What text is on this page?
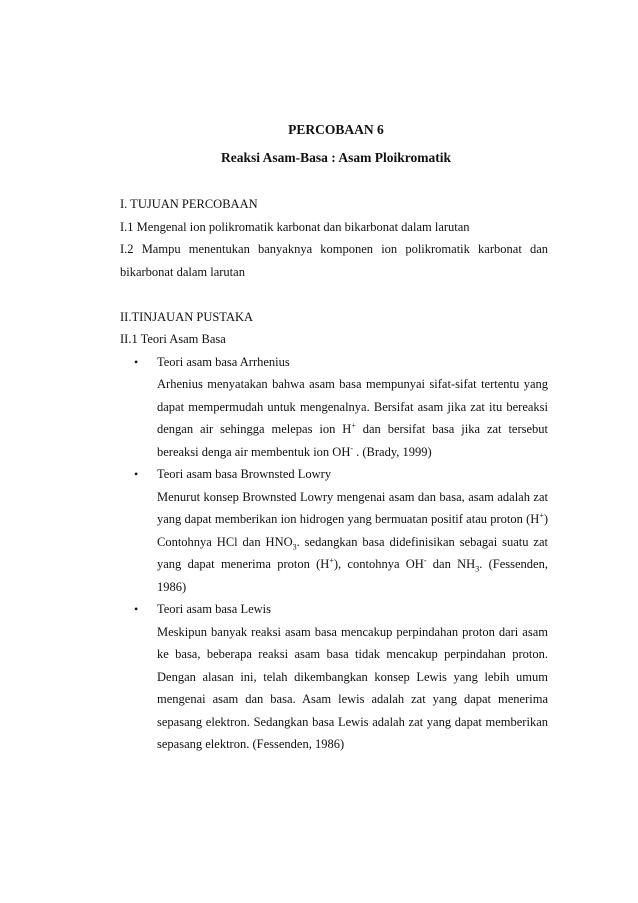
PERCOBAAN 6

Reaksi Asam-Basa : Asam Ploikromatik

I. TUJUAN PERCOBAAN

I.1 Mengenal ion polikromatik karbonat dan bikarbonat dalam larutan

I.2 Mampu menentukan banyaknya komponen ion polikromatik karbonat dan bikarbonat dalam larutan

II.TINJAUAN PUSTAKA

II.1 Teori Asam Basa

• Teori asam basa Arrhenius

Arhenius menyatakan bahwa asam basa mempunyai sifat-sifat tertentu yang dapat mempermudah untuk mengenalnya. Bersifat asam jika zat itu bereaksi dengan air sehingga melepas ion H+ dan bersifat basa jika zat tersebut bereaksi denga air membentuk ion OH- . (Brady, 1999)

• Teori asam basa Brownsted Lowry

Menurut konsep Brownsted Lowry mengenai asam dan basa, asam adalah zat yang dapat memberikan ion hidrogen yang bermuatan positif atau proton (H+) Contohnya HCl dan $HNO_3$. sedangkan basa didefinisikan sebagai suatu zat yang dapat menerima proton (H+), contohnya OH- dan $NH_3$. (Fessenden, 1986)

• Teori asam basa Lewis

Meskipun banyak reaksi asam basa mencakup perpindahan proton dari asam ke basa, beberapa reaksi asam basa tidak mencakup perpindahan proton. Dengan alasan ini, telah dikembangkan konsep Lewis yang lebih umum mengenai asam dan basa. Asam lewis adalah zat yang dapat menerima sepasang elektron. Sedangkan basa Lewis adalah zat yang dapat memberikan sepasang elektron. (Fessenden, 1986)
